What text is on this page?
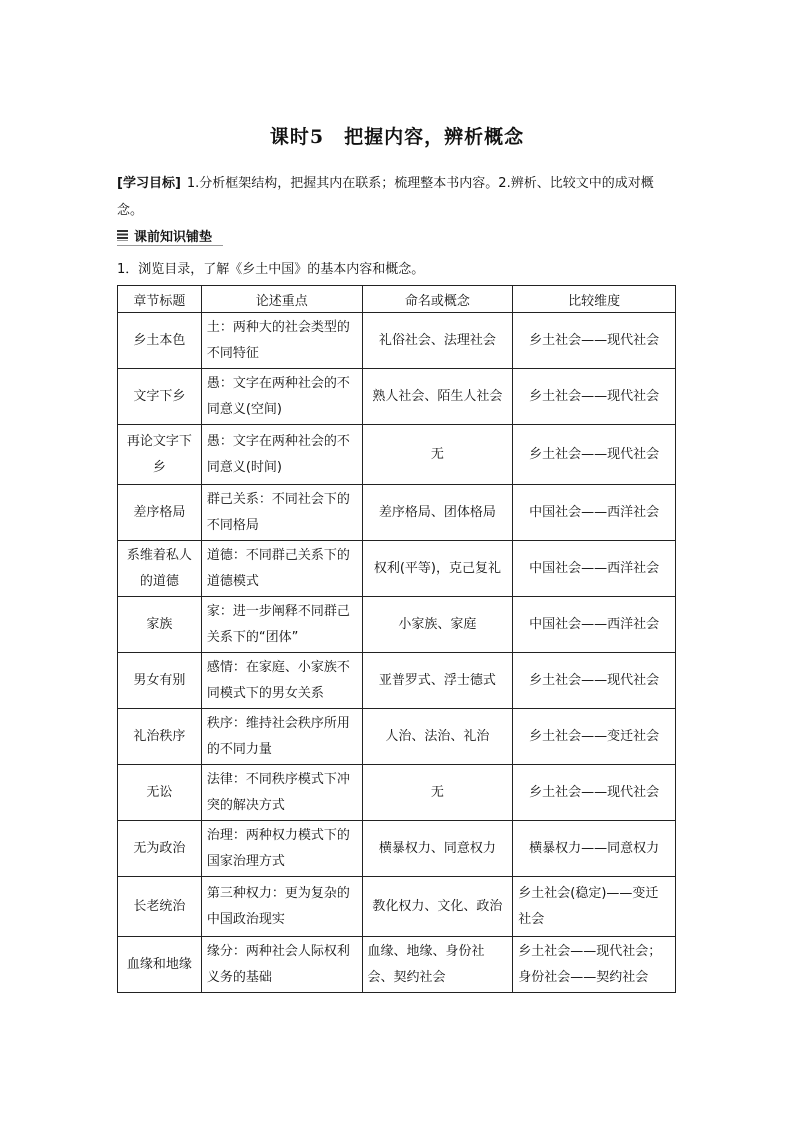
课时5　把握内容，辨析概念
[学习目标] 1.分析框架结构，把握其内在联系；梳理整本书内容。2.辨析、比较文中的成对概念。
课前知识铺垫
1．浏览目录，了解《乡土中国》的基本内容和概念。
章节标题	论述重点	命名或概念	比较维度
乡土本色	土：两种大的社会类型的不同特征	礼俗社会、法理社会	乡土社会——现代社会
文字下乡	愚：文字在两种社会的不同意义(空间)	熟人社会、陌生人社会	乡土社会——现代社会
再论文字下乡	愚：文字在两种社会的不同意义(时间)	无	乡土社会——现代社会
差序格局	群己关系：不同社会下的不同格局	差序格局、团体格局	中国社会——西洋社会
系维着私人的道德	道德：不同群己关系下的道德模式	权利(平等)，克己复礼	中国社会——西洋社会
家族	家：进一步阐释不同群己关系下的“团体”	小家族、家庭	中国社会——西洋社会
男女有别	感情：在家庭、小家族不同模式下的男女关系	亚普罗式、浮士德式	乡土社会——现代社会
礼治秩序	秩序：维持社会秩序所用的不同力量	人治、法治、礼治	乡土社会——变迁社会
无讼	法律：不同秩序模式下冲突的解决方式	无	乡土社会——现代社会
无为政治	治理：两种权力模式下的国家治理方式	横暴权力、同意权力	横暴权力——同意权力
长老统治	第三种权力：更为复杂的中国政治现实	教化权力、文化、政治	乡土社会(稳定)——变迁社会
血缘和地缘	缘分：两种社会人际权利义务的基础	血缘、地缘、身份社会、契约社会	乡土社会——现代社会；身份社会——契约社会
